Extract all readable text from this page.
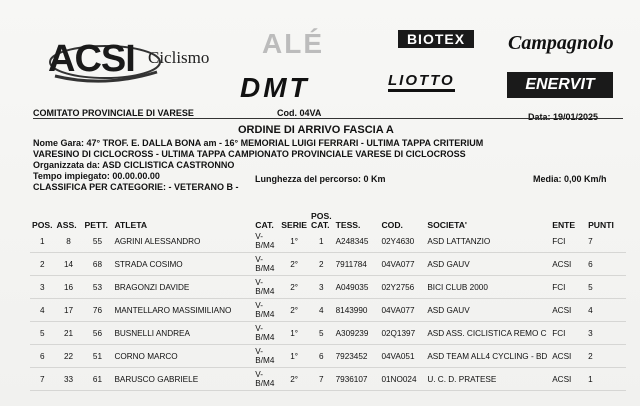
ACSI Ciclismo ALÉ	BIOTEX
	Campagnolo
DMT	LIOTTO	ENERVIT
COMITATO PROVINCIALE DI VARESE	Cod. 04VA	Data: 19/01/2025
ORDINE DI ARRIVO FASCIA A
Nome Gara: 47° TROF. E. DALLA BONA am - 16° MEMORIAL LUIGI FERRARI - ULTIMA TAPPA CRITERIUM
VARESINO DI CICLOCROSS - ULTIMA TAPPA CAMPIONATO PROVINCIALE VARESE DI CICLOCROSS
Organizzata da: ASD CICLISTICA CASTRONNO
Tempo impiegato: 00.00.00.00	Lunghezza del percorso: 0 Km	Media: 0,00 Km/h
CLASSIFICA PER CATEGORIE: - VETERANO B -
POS.	ASS.	PETT.	ATLETA	CAT.	SERIE	POS.
CAT.	TESS.	COD.	SOCIETA'	ENTE	PUNTI
1	8	55	AGRINI ALESSANDRO	V-
B/M4	1°	1	A248345	02Y4630	ASD LATTANZIO	FCI	7
2	14	68	STRADA COSIMO	V-
B/M4	2°	2	7911784	04VA077	ASD GAUV	ACSI	6
3	16	53	BRAGONZI DAVIDE	V-
B/M4	2°	3	A049035	02Y2756	BICI CLUB 2000	FCI	5
4	17	76	MANTELLARO MASSIMILIANO	V-
B/M4	2°	4	8143990	04VA077	ASD GAUV	ACSI	4
5	21	56	BUSNELLI ANDREA	V-
B/M4	1°	5	A309239	02Q1397	ASD ASS. CICLISTICA REMO C	FCI	3
6	22	51	CORNO MARCO	V-
B/M4	1°	6	7923452	04VA051	ASD TEAM ALL4 CYCLING - BD	ACSI	2
7	33	61	BARUSCO GABRIELE	V-
B/M4	2°	7	7936107	01NO024	U. C. D. PRATESE	ACSI	1
